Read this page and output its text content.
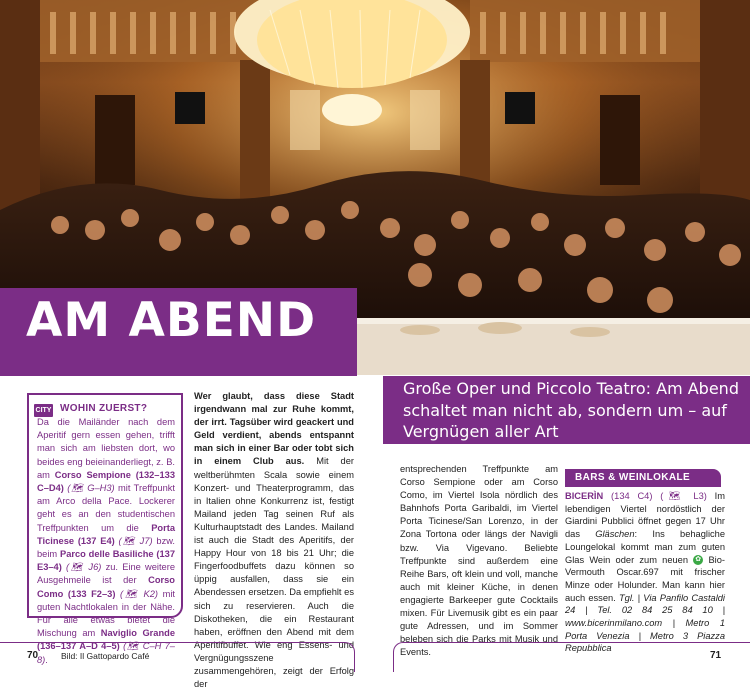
AM ABEND

Große Oper und Piccolo Teatro: Am Abend schaltet man nicht ab, sondern um – auf Vergnügen aller Art

CITY WOHIN ZUERST?
Da die Mailänder nach dem Aperitif gern essen gehen, trifft man sich am liebsten dort, wo beides eng beieinanderliegt, z. B. am Corso Sempione (132–133 C–D4) (🗺 G–H3) mit Treffpunkt am Arco della Pace. Lockerer geht es an den studentischen Treffpunkten um die Porta Ticinese (137 E4) (🗺 J7) bzw. beim Parco delle Basiliche (137 E3–4) (🗺 J6) zu. Eine weitere Ausgehmeile ist der Corso Como (133 F2–3) (🗺 K2) mit guten Nachtlokalen in der Nähe. Für alle etwas bietet die Mischung am Naviglio Grande (136–137 A–D 4–5) (🗺 C–H 7–8).
Wer glaubt, dass diese Stadt irgendwann mal zur Ruhe kommt, der irrt. Tagsüber wird geackert und Geld verdient, abends entspannt man sich in einer Bar oder tobt sich in einem Club aus. Mit der weltberühmten Scala sowie einem Konzert- und Theaterprogramm, das in Italien ohne Konkurrenz ist, festigt Mailand jeden Tag seinen Ruf als Kulturhauptstadt des Landes. Mailand ist auch die Stadt des Aperitifs, der Happy Hour von 18 bis 21 Uhr; die Fingerfoodbuffets dazu können so üppig ausfallen, dass sie ein Abendessen ersetzen. Da empfiehlt es sich zu reservieren. Auch die Diskotheken, die ein Restaurant haben, eröffnen den Abend mit dem Aperitifbuffet. Wie eng Essens- und Vergnügungsszene zusammengehören, zeigt der Erfolg der
entsprechenden Treffpunkte am Corso Sempione oder am Corso Como, im Viertel Isola nördlich des Bahnhofs Porta Garibaldi, im Viertel Porta Ticinese/San Lorenzo, in der Zona Tortona oder längs der Navigli bzw. Via Vigevano. Beliebte Treffpunkte sind außerdem eine Reihe Bars, oft klein und voll, manche auch mit kleiner Küche, in denen engagierte Barkeeper gute Cocktails mixen. Für Livemusik gibt es ein paar gute Adressen, und im Sommer beleben sich die Parks mit Musik und Events.
BARS & WEINLOKALE
BICERÌN (134 C4) (🗺 L3) Im lebendigen Viertel nordöstlich der Giardini Pubblici öffnet gegen 17 Uhr das Gläschen: Ins behagliche Loungelokal kommt man zum guten Glas Wein oder zum neuen ✿ Bio-Vermouth Oscar.697 mit frischer Minze oder Holunder. Man kann hier auch essen. Tgl. | Via Panfilo Castaldi 24 | Tel. 02 84 25 84 10 | www.bicerinmilano.com | Metro 1 Porta Venezia | Metro 3 Piazza Repubblica
70	Bild: Il Gattopardo Café	71
